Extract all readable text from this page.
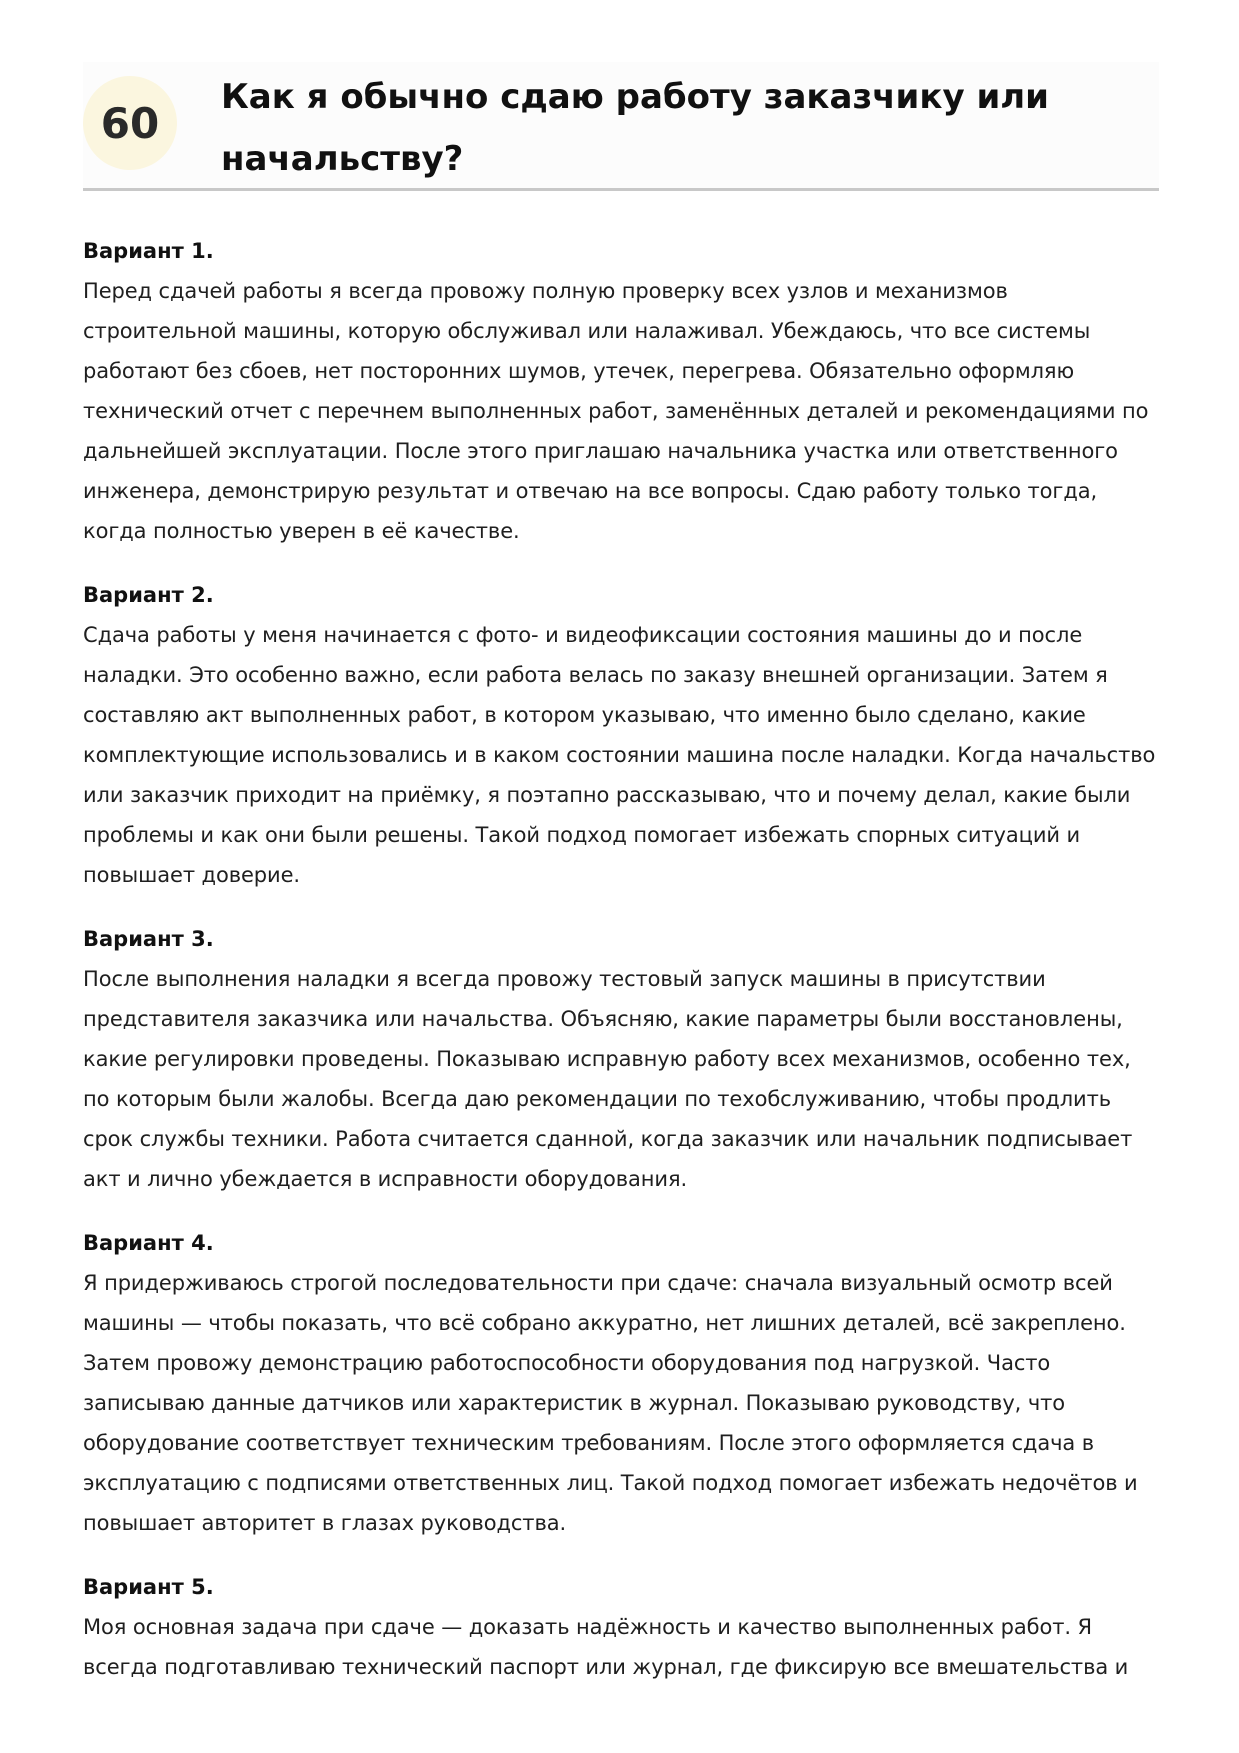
60
Как я обычно сдаю работу заказчику или начальству?
Вариант 1.
Перед сдачей работы я всегда провожу полную проверку всех узлов и механизмов строительной машины, которую обслуживал или налаживал. Убеждаюсь, что все системы работают без сбоев, нет посторонних шумов, утечек, перегрева. Обязательно оформляю технический отчет с перечнем выполненных работ, заменённых деталей и рекомендациями по дальнейшей эксплуатации. После этого приглашаю начальника участка или ответственного инженера, демонстрирую результат и отвечаю на все вопросы. Сдаю работу только тогда, когда полностью уверен в её качестве.
Вариант 2.
Сдача работы у меня начинается с фото- и видеофиксации состояния машины до и после наладки. Это особенно важно, если работа велась по заказу внешней организации. Затем я составляю акт выполненных работ, в котором указываю, что именно было сделано, какие комплектующие использовались и в каком состоянии машина после наладки. Когда начальство или заказчик приходит на приёмку, я поэтапно рассказываю, что и почему делал, какие были проблемы и как они были решены. Такой подход помогает избежать спорных ситуаций и повышает доверие.
Вариант 3.
После выполнения наладки я всегда провожу тестовый запуск машины в присутствии представителя заказчика или начальства. Объясняю, какие параметры были восстановлены, какие регулировки проведены. Показываю исправную работу всех механизмов, особенно тех, по которым были жалобы. Всегда даю рекомендации по техобслуживанию, чтобы продлить срок службы техники. Работа считается сданной, когда заказчик или начальник подписывает акт и лично убеждается в исправности оборудования.
Вариант 4.
Я придерживаюсь строгой последовательности при сдаче: сначала визуальный осмотр всей машины — чтобы показать, что всё собрано аккуратно, нет лишних деталей, всё закреплено. Затем провожу демонстрацию работоспособности оборудования под нагрузкой. Часто записываю данные датчиков или характеристик в журнал. Показываю руководству, что оборудование соответствует техническим требованиям. После этого оформляется сдача в эксплуатацию с подписями ответственных лиц. Такой подход помогает избежать недочётов и повышает авторитет в глазах руководства.
Вариант 5.
Моя основная задача при сдаче — доказать надёжность и качество выполненных работ. Я всегда подготавливаю технический паспорт или журнал, где фиксирую все вмешательства и
